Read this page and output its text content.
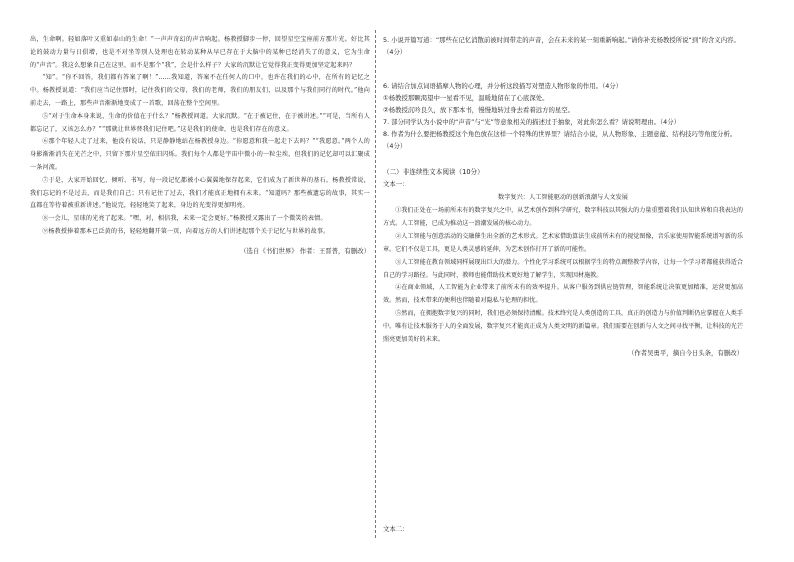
出，生命啊。轻如落叶又重如泰山的生命！”一声声奇幻的声音响起。杨教授脚步一停，回望星空宝座前方那片光。好比其论的鼓动力量与日俱增，也是不对坐等别人处理也在转动某种从早已存在于大脑中的某种已经消失了的意义，它为生命的“声音”。我这么想象自己在这里，而不是那个“我”，会是什么样子？大家的沉默让它觉得我正变得更加坚定起来吗？

“知”。“你不回答，我们都有答案了啊！”……我知道，答案不在任何人的口中，也许在我们的心中，在所有的记忆之中。杨教授说道：“我们应当记住那时，记住我们的父母，我们的老师，我们的朋友们，以及那个与我们同行的时代。”他向前走去，一路上，那些声音渐渐地变成了一首歌，回荡在整个空间里。

⑤“对于生命本身来说，生命的价值在于什么？”杨教授问道。大家沉默。“在于被记住，在于被讲述。”“可是，当所有人都忘记了，又该怎么办？”“那就让世界替我们记住吧。”这是我们的使命，也是我们存在的意义。

⑥那个年轻人走了过来，他没有说话，只是静静地站在杨教授身边。“你愿意和我一起走下去吗？”“我愿意。”两个人的身影渐渐消失在光芒之中，只留下那片星空依旧闪烁。我们每个人都是宇宙中微小的一粒尘埃，但我们的记忆却可以汇聚成一条河流。

⑦于是，大家开始回忆、倾听、书写，每一段记忆都被小心翼翼地保存起来，它们成为了新世界的基石。杨教授常说，我们忘记的不是过去，而是我们自己；只有记住了过去，我们才能真正地拥有未来。“知道吗？那些被遗忘的故事，其实一直都在等待着被重新讲述。”他说完，轻轻地笑了起来，身边的光变得更加明亮。

⑧一会儿，星球的光亮了起来。“嘿，对，相信我，未来一定会更好。”杨教授又露出了一个微笑的表情。

⑨杨教授捧着那本已泛黄的书，轻轻地翻开第一页，向着远方的人们讲述起那个关于记忆与世界的故事。

（选自《书们世界》 作者：王晋普，有删改）

5. 小说开篇写道：“那些在记忆消散前被时间带走的声音，会在未来的某一刻重新响起。”请你补充杨教授所说“到”的含义内容。（4分）

6. 请结合加点词语描摩人物的心理，并分析这段描写对塑造人物形象的作用。（4分）

①杨教授那颗渴望中一星看不见，温暖地留在了心底深处。

②杨教授沉吟良久，放下那本书，慢慢地转过身去看着远方的星空。

7. 部分同学认为小说中的“声音”与“光”等意象相关的描述过于抽象，对此你怎么看？请说明理由。（4分）

8. 作者为什么要把杨教授这个角色放在这样一个特殊的世界里？请结合小说，从人物形象、主题意蕴、结构技巧等角度分析。（4分）

（二）非连续性文本阅读（10分）

文本一：

数字复兴：人工智能驱动的创新浪潮与人文发展

①我们正处在一场前所未有的数字复兴之中，从艺术创作到科学研究，数字科技以其强大的力量重塑着我们认知世界和自我表达的方式。人工智能，已成为推动这一浪潮发展的核心动力。

②人工智能与创意活动的交融催生出全新的艺术形式。艺术家借助算法生成前所未有的视觉图像，音乐家使用智能系统谱写新的乐章。它们不仅是工具，更是人类灵感的延伸，为艺术创作打开了新的可能性。

③人工智能在教育领域同样展现出巨大的潜力。个性化学习系统可以根据学生的特点调整教学内容，让每一个学习者都能获得适合自己的学习路径。与此同时，教师也能借助技术更好地了解学生，实现因材施教。

④在商业领域，人工智能为企业带来了前所未有的效率提升。从客户服务到供应链管理，智能系统让决策更加精准，运营更加高效。然而，技术带来的便利也伴随着对隐私与伦理的担忧。

⑤然而，在拥抱数字复兴的同时，我们也必须保持清醒。技术终究是人类创造的工具，真正的创造力与价值判断仍应掌握在人类手中。唯有让技术服务于人的全面发展，数字复兴才能真正成为人类文明的新篇章。我们需要在创新与人文之间寻找平衡，让科技的光芒照亮更加美好的未来。

（作者吴勇平，摘自今日头条，有删改）

文本二：
